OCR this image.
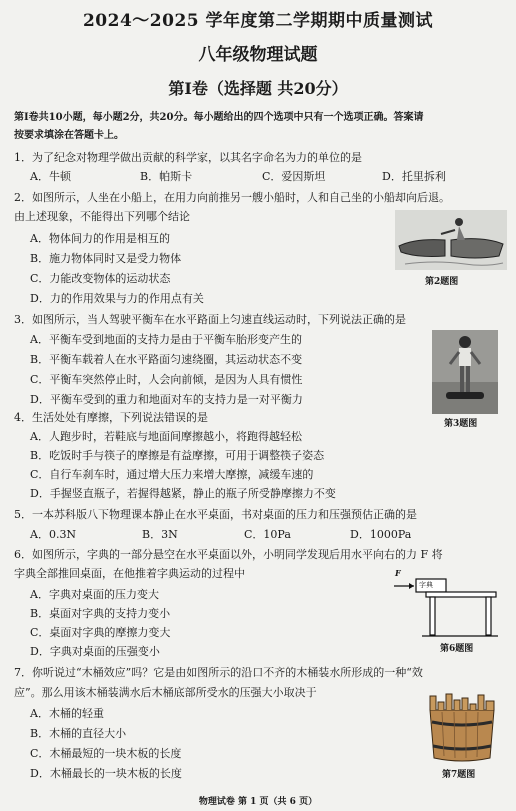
2024～2025 学年度第二学期期中质量测试
八年级物理试题
第Ⅰ卷（选择题 共20分）
第Ⅰ卷共10小题，每小题2分，共20分。每小题给出的四个选项中只有一个选项正确。答案请
按要求填涂在答题卡上。
1．为了纪念对物理学做出贡献的科学家，以其名字命名为力的单位的是
A．牛顿	B．帕斯卡	C．爱因斯坦	D．托里拆利
2．如图所示，人坐在小船上，在用力向前推另一艘小船时，人和自己坐的小船却向后退。
由上述现象，不能得出下列哪个结论
A．物体间力的作用是相互的
B．施力物体同时又是受力物体
C．力能改变物体的运动状态
D．力的作用效果与力的作用点有关
第2题图
3．如图所示，当人驾驶平衡车在水平路面上匀速直线运动时，下列说法正确的是
A．平衡车受到地面的支持力是由于平衡车胎形变产生的
B．平衡车载着人在水平路面匀速绕圈，其运动状态不变
C．平衡车突然停止时，人会向前倾，是因为人具有惯性
D．平衡车受到的重力和地面对车的支持力是一对平衡力
第3题图
4．生活处处有摩擦，下列说法错误的是
A．人跑步时，若鞋底与地面间摩擦越小，将跑得越轻松
B．吃饭时手与筷子的摩擦是有益摩擦，可用于调整筷子姿态
C．自行车刹车时，通过增大压力来增大摩擦，减缓车速的
D．手握竖直瓶子，若握得越紧，静止的瓶子所受静摩擦力不变
5．一本苏科版八下物理课本静止在水平桌面，书对桌面的压力和压强预估正确的是
A．0.3N	B．3N	C．10Pa	D．1000Pa
6．如图所示，字典的一部分悬空在水平桌面以外，小明同学发现后用水平向右的力 F 将
字典全部推回桌面，在他推着字典运动的过程中
A．字典对桌面的压力变大
B．桌面对字典的支持力变小
C．桌面对字典的摩擦力变大
D．字典对桌面的压强变小
F
字典
第6题图
7．你听说过“木桶效应”吗？它是由如图所示的沿口不齐的木桶装水所形成的一种“效
应”。那么用该木桶装满水后木桶底部所受水的压强大小取决于
A．木桶的轻重
B．木桶的直径大小
C．木桶最短的一块木板的长度
D．木桶最长的一块木板的长度	第7题图
物理试卷 第 1 页（共 6 页）
